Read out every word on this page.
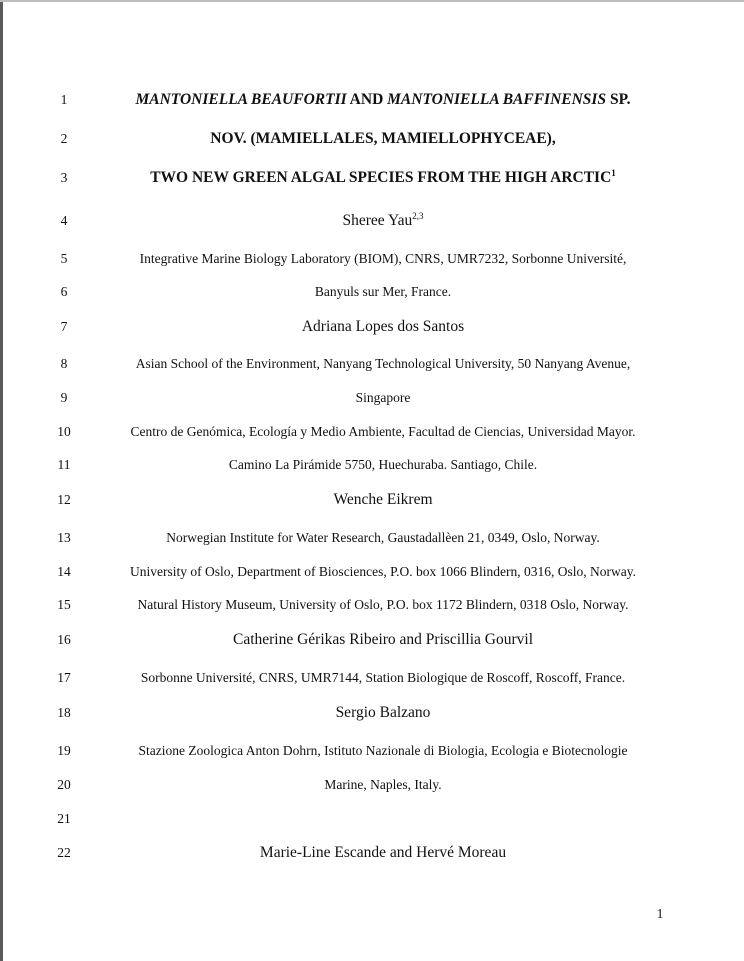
1	MANTONIELLA BEAUFORTII AND MANTONIELLA BAFFINENSIS SP.
2	NOV. (MAMIELLALES, MAMIELLOPHYCEAE),
3	TWO NEW GREEN ALGAL SPECIES FROM THE HIGH ARCTIC$^1$
4	Sheree Yau$^{2,3}$
5	Integrative Marine Biology Laboratory (BIOM), CNRS, UMR7232, Sorbonne Université,
6	Banyuls sur Mer, France.
7	Adriana Lopes dos Santos
8	Asian School of the Environment, Nanyang Technological University, 50 Nanyang Avenue,
9	Singapore
10	Centro de Genómica, Ecología y Medio Ambiente, Facultad de Ciencias, Universidad Mayor.
11	Camino La Pirámide 5750, Huechuraba. Santiago, Chile.
12	Wenche Eikrem
13	Norwegian Institute for Water Research, Gaustadallèen 21, 0349, Oslo, Norway.
14	University of Oslo, Department of Biosciences, P.O. box 1066 Blindern, 0316, Oslo, Norway.
15	Natural History Museum, University of Oslo, P.O. box 1172 Blindern, 0318 Oslo, Norway.
16	Catherine Gérikas Ribeiro and Priscillia Gourvil
17	Sorbonne Université, CNRS, UMR7144, Station Biologique de Roscoff, Roscoff, France.
18	Sergio Balzano
19	Stazione Zoologica Anton Dohrn, Istituto Nazionale di Biologia, Ecologia e Biotecnologie
20	Marine, Naples, Italy.
21
22	Marie-Line Escande and Hervé Moreau
1
